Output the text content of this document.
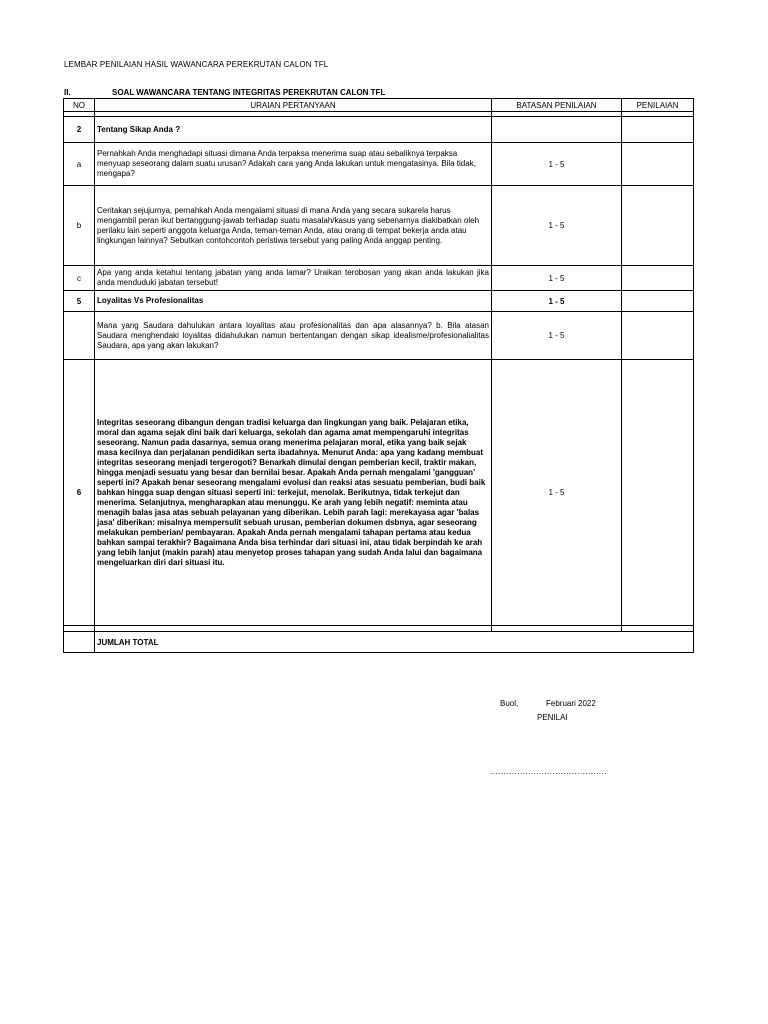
LEMBAR PENILAIAN HASIL WAWANCARA PEREKRUTAN CALON TFL
II.	SOAL WAWANCARA TENTANG INTEGRITAS PEREKRUTAN CALON TFL
NO	URAIAN PERTANYAAN	BATASAN PENILAIAN	PENILAIAN

2	Tentang Sikap Anda ?		
a	Pernahkah Anda menghadapi situasi dimana Anda terpaksa menerima suap atau sebaliknya terpaksa menyuap seseorang dalam suatu urusan? Adakah cara yang Anda lakukan untuk mengatasinya. Bila tidak, mengapa?	1 - 5	
b	Ceritakan sejujurnya, pernahkah Anda mengalami situasi di mana Anda yang secara sukarela harus mengambil peran ikut bertanggung-jawab terhadap suatu masalah/kasus yang sebenarnya diakibatkan oleh perilaku lain seperti anggota keluarga Anda, teman-teman Anda, atau orang di tempat bekerja anda atau lingkungan lainnya? Sebutkan contohcontoh peristiwa tersebut yang paling Anda anggap penting.	1 - 5	
c	Apa yang anda ketahui tentang jabatan yang anda lamar? Uraikan terobosan yang akan anda lakukan jika anda menduduki jabatan tersebut!	1 - 5	
5	Loyalitas Vs Profesionalitas	1 - 5	
	Mana yang Saudara dahulukan antara loyalitas atau profesionalitas dan apa alasannya? b. Bila atasan Saudara menghendaki loyalitas didahulukan namun bertentangan dengan sikap idealisme/profesionalialitas Saudara, apa yang akan lakukan?	1 - 5	
6	Integritas seseorang dibangun dengan tradisi keluarga dan lingkungan yang baik. Pelajaran etika, moral dan agama sejak dini baik dari keluarga, sekolah dan agama amat mempengaruhi integritas seseorang. Namun pada dasarnya, semua orang menerima pelajaran moral, etika yang baik sejak masa kecilnya dan perjalanan pendidikan serta ibadahnya. Menurut Anda: apa yang kadang membuat integritas seseorang menjadi tergerogoti? Benarkah dimulai dengan pemberian kecil, traktir makan, hingga menjadi sesuatu yang besar dan bernilai besar. Apakah Anda pernah mengalami 'gangguan' seperti ini? Apakah benar seseorang mengalami evolusi dan reaksi atas sesuatu pemberian, budi baik bahkan hingga suap dengan situasi seperti ini: terkejut, menolak. Berikutnya, tidak terkejut dan menerima. Selanjutnya, mengharapkan atau menunggu. Ke arah yang lebih negatif: meminta atau menagih balas jasa atas sebuah pelayanan yang diberikan. Lebih parah lagi: merekayasa agar 'balas jasa' diberikan: misalnya mempersulit sebuah urusan, pemberian dokumen dsbnya, agar seseorang melakukan pemberian/ pembayaran. Apakah Anda pernah mengalami tahapan pertama atau kedua bahkan sampai terakhir? Bagaimana Anda bisa terhindar dari situasi ini, atau tidak berpindah ke arah yang lebih lanjut (makin parah) atau menyetop proses tahapan yang sudah Anda lalui dan bagaimana mengeluarkan diri dari situasi itu.	1 - 5	

	JUMLAH TOTAL		
Buol,	Februari 2022
PENILAI
...........................................
